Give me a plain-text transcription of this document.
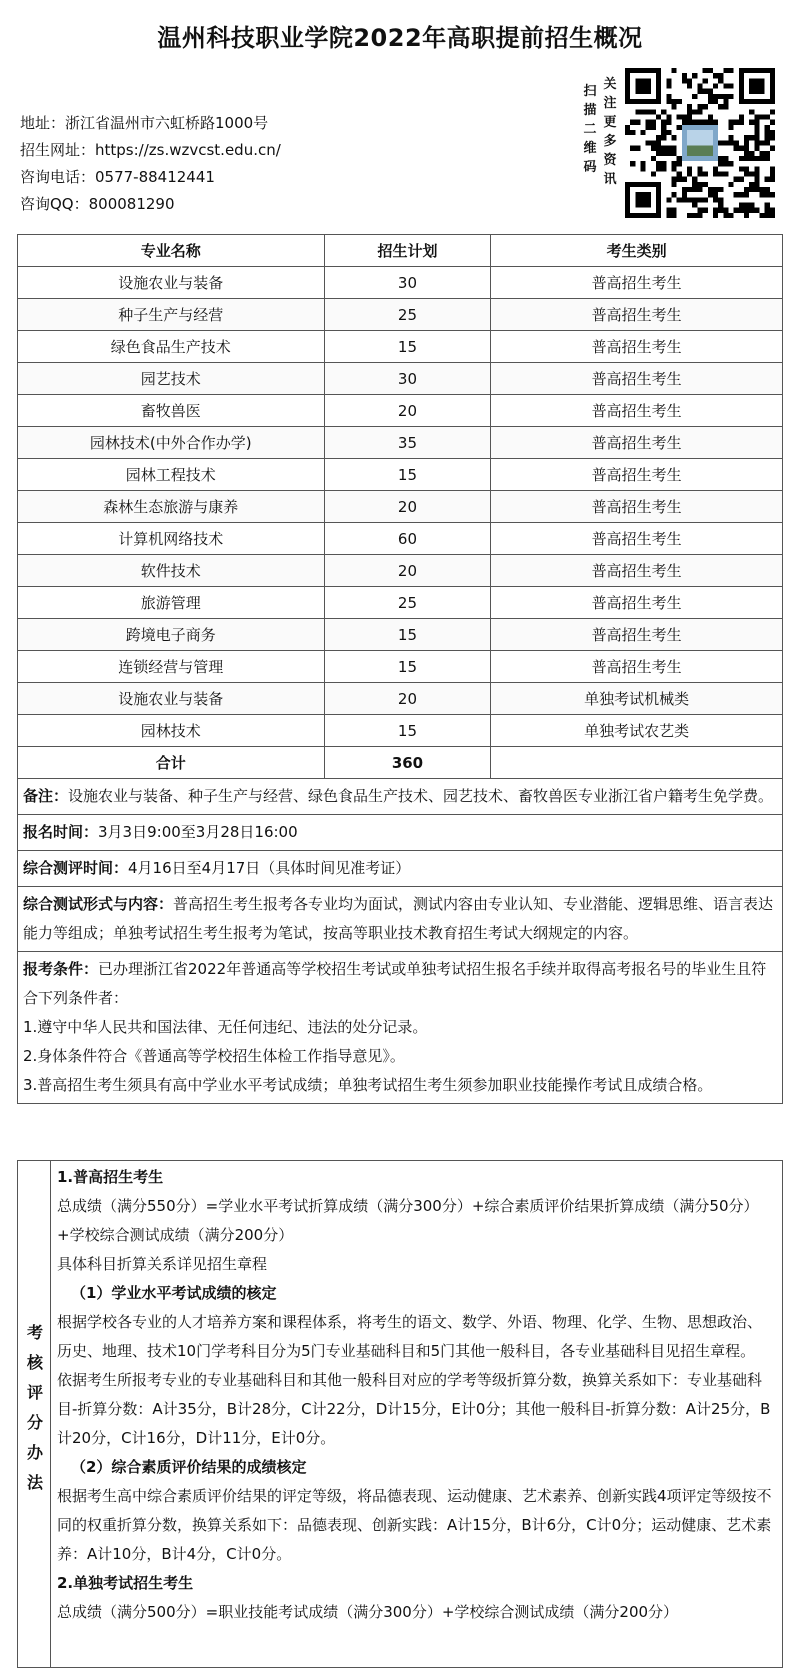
温州科技职业学院2022年高职提前招生概况
地址：浙江省温州市六虹桥路1000号
招生网址：https://zs.wzvcst.edu.cn/
咨询电话：0577-88412441
咨询QQ：800081290
扫
描
二
维
码
关
注
更
多
资
讯
专业名称	招生计划	考生类别
设施农业与装备	30	普高招生考生
种子生产与经营	25	普高招生考生
绿色食品生产技术	15	普高招生考生
园艺技术	30	普高招生考生
畜牧兽医	20	普高招生考生
园林技术(中外合作办学)	35	普高招生考生
园林工程技术	15	普高招生考生
森林生态旅游与康养	20	普高招生考生
计算机网络技术	60	普高招生考生
软件技术	20	普高招生考生
旅游管理	25	普高招生考生
跨境电子商务	15	普高招生考生
连锁经营与管理	15	普高招生考生
设施农业与装备	20	单独考试机械类
园林技术	15	单独考试农艺类
合计	360	
备注：设施农业与装备、种子生产与经营、绿色食品生产技术、园艺技术、畜牧兽医专业浙江省户籍考生免学费。
报名时间：3月3日9:00至3月28日16:00
综合测评时间：4月16日至4月17日（具体时间见准考证）
综合测试形式与内容：普高招生考生报考各专业均为面试，测试内容由专业认知、专业潜能、逻辑思维、语言表达能力等组成；单独考试招生考生报考为笔试，按高等职业技术教育招生考试大纲规定的内容。
报考条件：已办理浙江省2022年普通高等学校招生考试或单独考试招生报名手续并取得高考报名号的毕业生且符合下列条件者：
1.遵守中华人民共和国法律、无任何违纪、违法的处分记录。
2.身体条件符合《普通高等学校招生体检工作指导意见》。
3.普高招生考生须具有高中学业水平考试成绩；单独考试招生考生须参加职业技能操作考试且成绩合格。
考核评分办法
1.普高招生考生
总成绩（满分550分）=学业水平考试折算成绩（满分300分）+综合素质评价结果折算成绩（满分50分）+学校综合测试成绩（满分200分）
具体科目折算关系详见招生章程
（1）学业水平考试成绩的核定
根据学校各专业的人才培养方案和课程体系，将考生的语文、数学、外语、物理、化学、生物、思想政治、历史、地理、技术10门学考科目分为5门专业基础科目和5门其他一般科目，各专业基础科目见招生章程。
依据考生所报考专业的专业基础科目和其他一般科目对应的学考等级折算分数，换算关系如下：专业基础科目-折算分数：A计35分，B计28分，C计22分，D计15分，E计0分；其他一般科目-折算分数：A计25分，B计20分，C计16分，D计11分，E计0分。
（2）综合素质评价结果的成绩核定
根据考生高中综合素质评价结果的评定等级，将品德表现、运动健康、艺术素养、创新实践4项评定等级按不同的权重折算分数，换算关系如下：品德表现、创新实践：A计15分，B计6分，C计0分；运动健康、艺术素养：A计10分，B计4分，C计0分。
2.单独考试招生考生
总成绩（满分500分）=职业技能考试成绩（满分300分）+学校综合测试成绩（满分200分）
